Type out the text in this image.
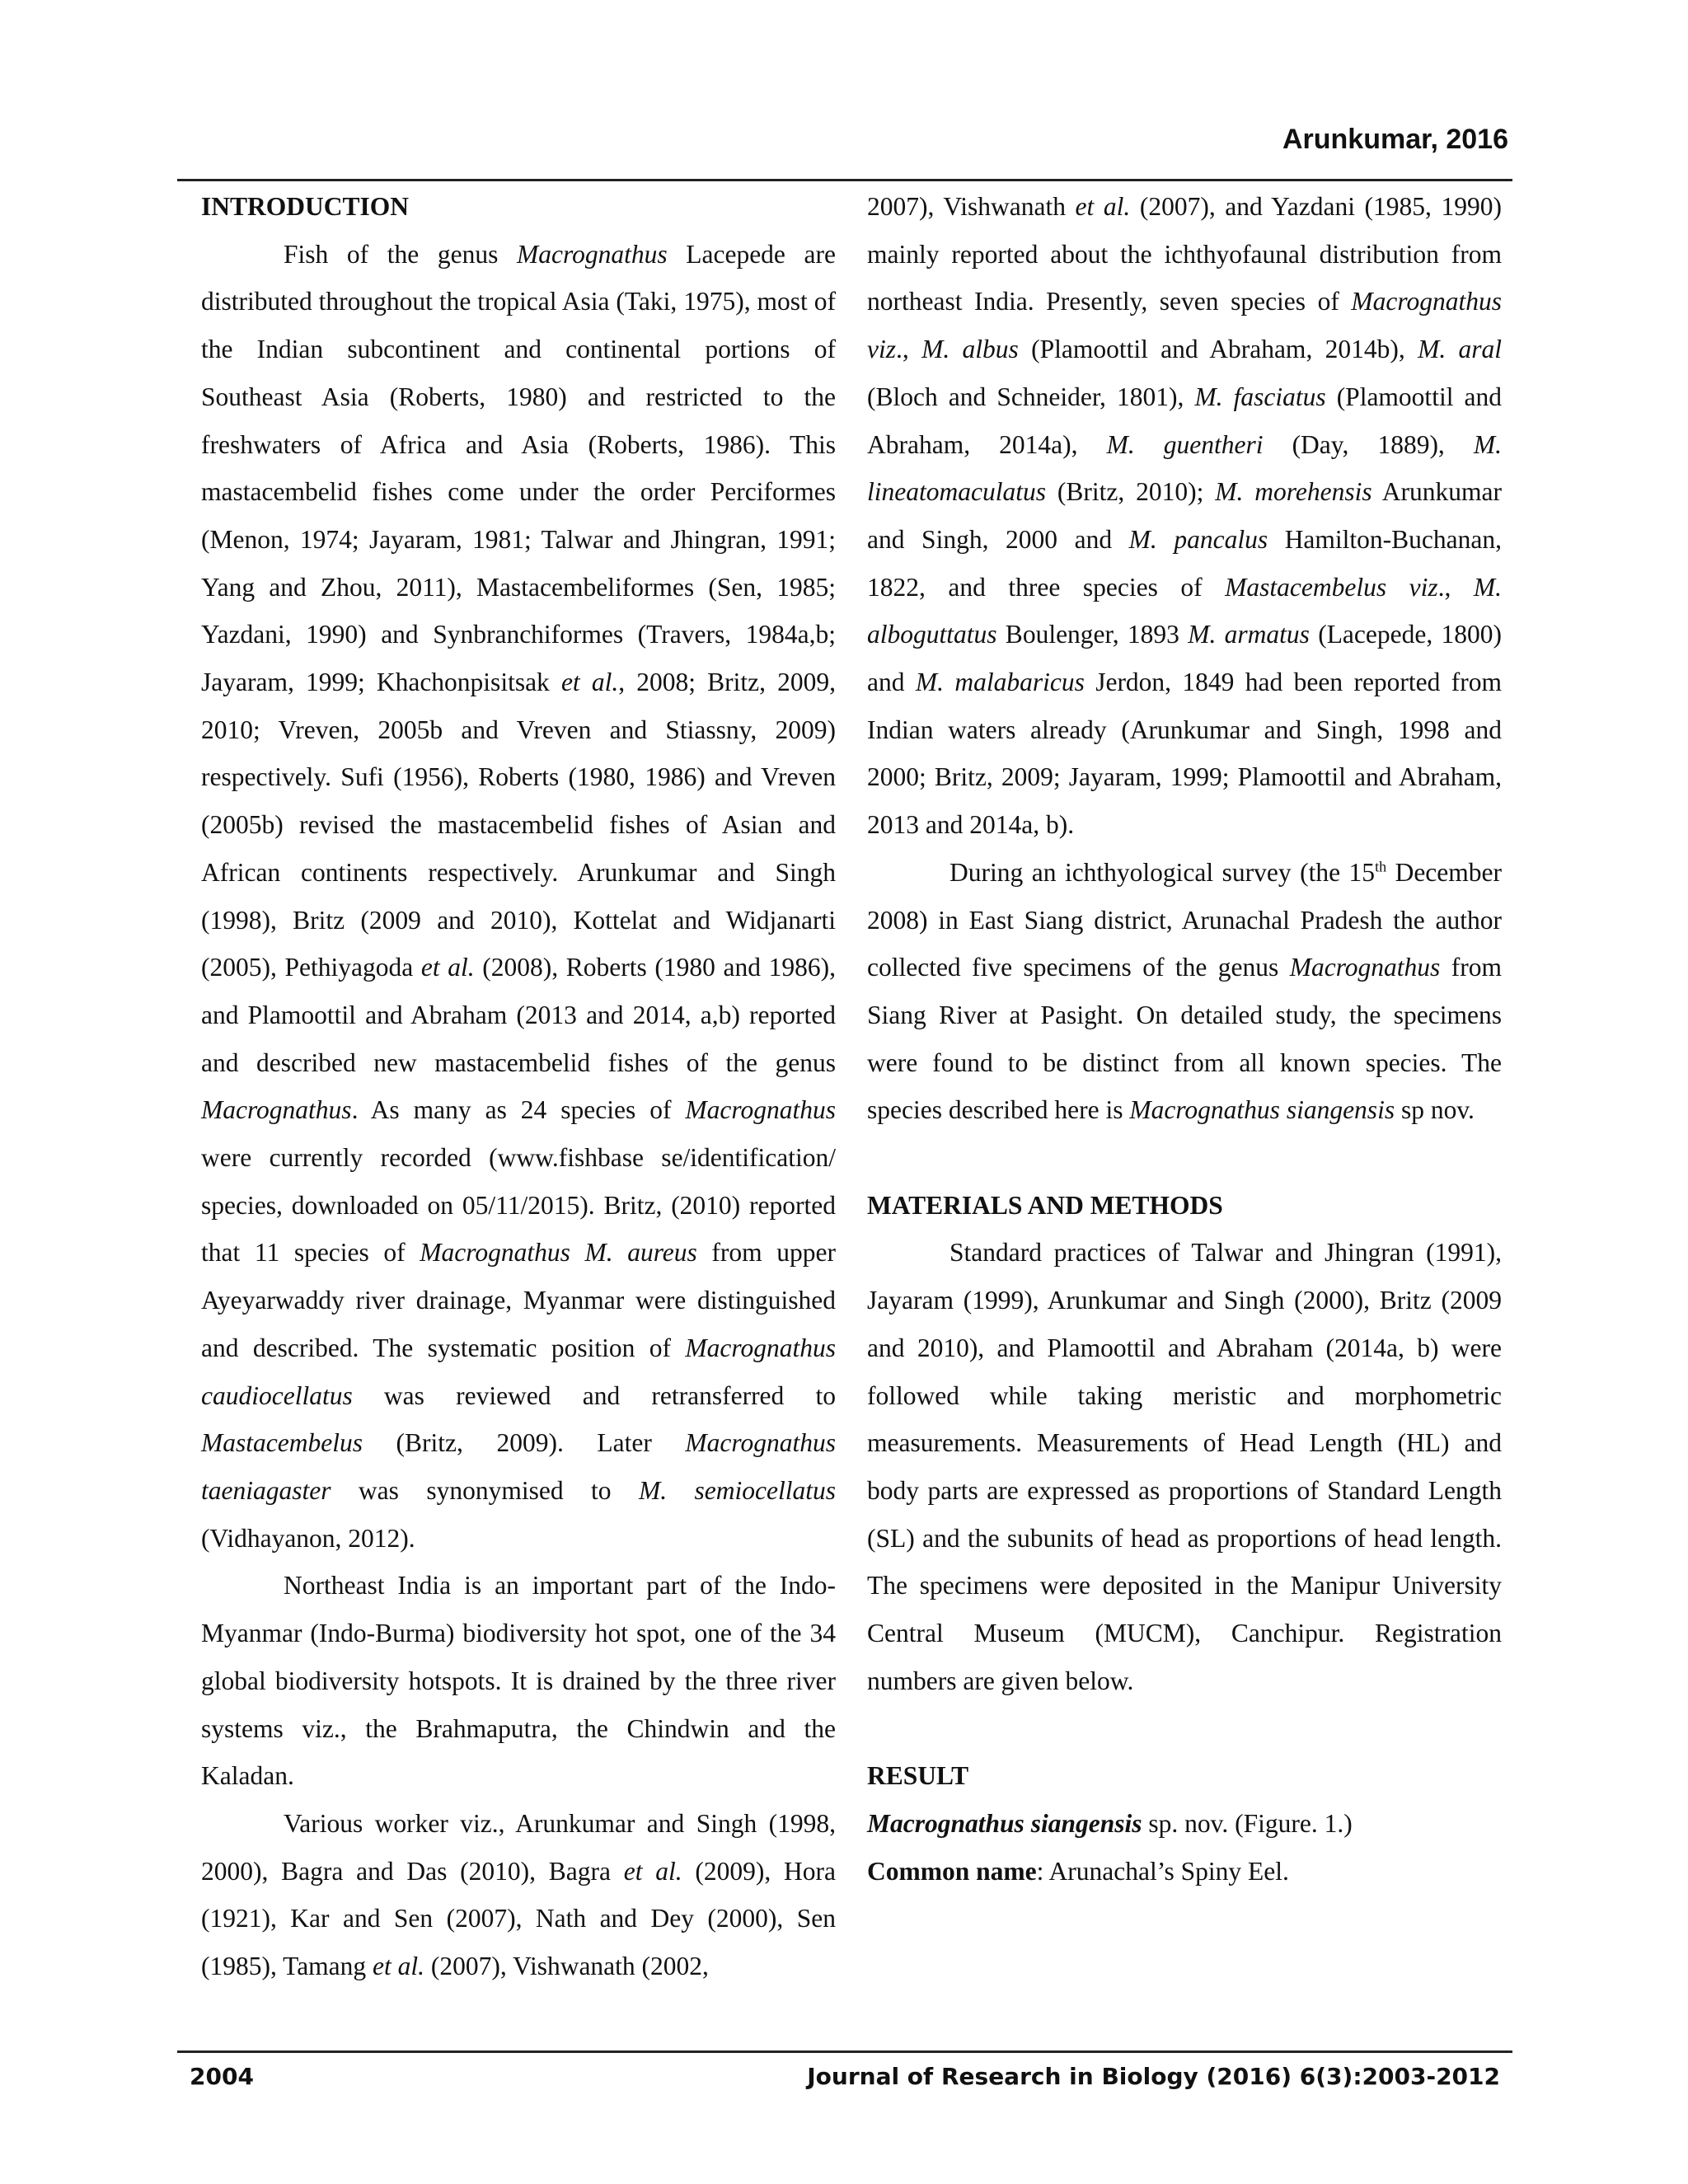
Arunkumar, 2016
INTRODUCTION

Fish of the genus Macrognathus Lacepede are distributed throughout the tropical Asia (Taki, 1975), most of the Indian subcontinent and continental portions of Southeast Asia (Roberts, 1980) and restricted to the freshwaters of Africa and Asia (Roberts, 1986). This mastacembelid fishes come under the order Perciformes (Menon, 1974; Jayaram, 1981; Talwar and Jhingran, 1991; Yang and Zhou, 2011), Mastacembeliformes (Sen, 1985; Yazdani, 1990) and Synbranchiformes (Travers, 1984a,b; Jayaram, 1999; Khachonpisitsak et al., 2008; Britz, 2009, 2010; Vreven, 2005b and Vreven and Stiassny, 2009) respectively. Sufi (1956), Roberts (1980, 1986) and Vreven (2005b) revised the mastacembelid fishes of Asian and African continents respectively. Arunkumar and Singh (1998), Britz (2009 and 2010), Kottelat and Widjanarti (2005), Pethiyagoda et al. (2008), Roberts (1980 and 1986), and Plamoottil and Abraham (2013 and 2014, a,b) reported and described new mastacembelid fishes of the genus Macrognathus. As many as 24 species of Macrognathus were currently recorded (www.fishbase se/identification/ species, downloaded on 05/11/2015). Britz, (2010) reported that 11 species of Macrognathus M. aureus from upper Ayeyarwaddy river drainage, Myanmar were distinguished and described. The systematic position of Macrognathus caudiocellatus was reviewed and retransferred to Mastacembelus (Britz, 2009). Later Macrognathus taeniagaster was synonymised to M. semiocellatus (Vidhayanon, 2012).

Northeast India is an important part of the Indo-Myanmar (Indo-Burma) biodiversity hot spot, one of the 34 global biodiversity hotspots. It is drained by the three river systems viz., the Brahmaputra, the Chindwin and the Kaladan.

Various worker viz., Arunkumar and Singh (1998, 2000), Bagra and Das (2010), Bagra et al. (2009), Hora (1921), Kar and Sen (2007), Nath and Dey (2000), Sen (1985), Tamang et al. (2007), Vishwanath (2002,

2007), Vishwanath et al. (2007), and Yazdani (1985, 1990) mainly reported about the ichthyofaunal distribution from northeast India. Presently, seven species of Macrognathus viz., M. albus (Plamoottil and Abraham, 2014b), M. aral (Bloch and Schneider, 1801), M. fasciatus (Plamoottil and Abraham, 2014a), M. guentheri (Day, 1889), M. lineatomaculatus (Britz, 2010); M. morehensis Arunkumar and Singh, 2000 and M. pancalus Hamilton-Buchanan, 1822, and three species of Mastacembelus viz., M. alboguttatus Boulenger, 1893 M. armatus (Lacepede, 1800) and M. malabaricus Jerdon, 1849 had been reported from Indian waters already (Arunkumar and Singh, 1998 and 2000; Britz, 2009; Jayaram, 1999; Plamoottil and Abraham, 2013 and 2014a, b).

During an ichthyological survey (the 15th December 2008) in East Siang district, Arunachal Pradesh the author collected five specimens of the genus Macrognathus from Siang River at Pasight. On detailed study, the specimens were found to be distinct from all known species. The species described here is Macrognathus siangensis sp nov.

MATERIALS AND METHODS

Standard practices of Talwar and Jhingran (1991), Jayaram (1999), Arunkumar and Singh (2000), Britz (2009 and 2010), and Plamoottil and Abraham (2014a, b) were followed while taking meristic and morphometric measurements. Measurements of Head Length (HL) and body parts are expressed as proportions of Standard Length (SL) and the subunits of head as proportions of head length. The specimens were deposited in the Manipur University Central Museum (MUCM), Canchipur. Registration numbers are given below.

RESULT

Macrognathus siangensis sp. nov. (Figure. 1.)

Common name: Arunachal’s Spiny Eel.

2004	Journal of Research in Biology (2016) 6(3):2003-2012
